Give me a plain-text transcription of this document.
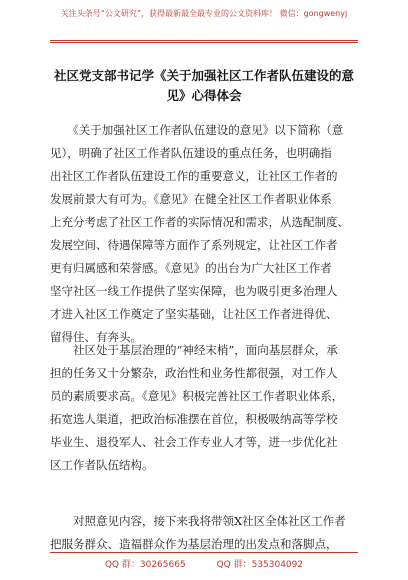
关注头条号“公文研究”，获得最新最全最专业的公文资料库！ 微信：gongwenyj
社区党支部书记学《关于加强社区工作者队伍建设的意
见》心得体会
　　《关于加强社区工作者队伍建设的意见》以下简称（意
见），明确了社区工作者队伍建设的重点任务，也明确指
出社区工作者队伍建设工作的重要意义，让社区工作者的
发展前景大有可为。《意见》在健全社区工作者职业体系
上充分考虑了社区工作者的实际情况和需求，从选配制度、
发展空间、待遇保障等方面作了系列规定，让社区工作者
更有归属感和荣誉感。《意见》的出台为广大社区工作者
坚守社区一线工作提供了坚实保障，也为吸引更多治理人
才进入社区工作奠定了坚实基础，让社区工作者进得优、
留得住、有奔头。
　　社区处于基层治理的“神经末梢”，面向基层群众，承
担的任务又十分繁杂，政治性和业务性都很强，对工作人
员的素质要求高。《意见》积极完善社区工作者职业体系，
拓宽选人渠道，把政治标准摆在首位，积极吸纳高等学校
毕业生、退役军人、社会工作专业人才等，进一步优化社
区工作者队伍结构。
　　对照意见内容，接下来我将带领X社区全体社区工作者
把服务群众、造福群众作为基层治理的出发点和落脚点，
QQ 群：30265665	QQ 群：535304092
